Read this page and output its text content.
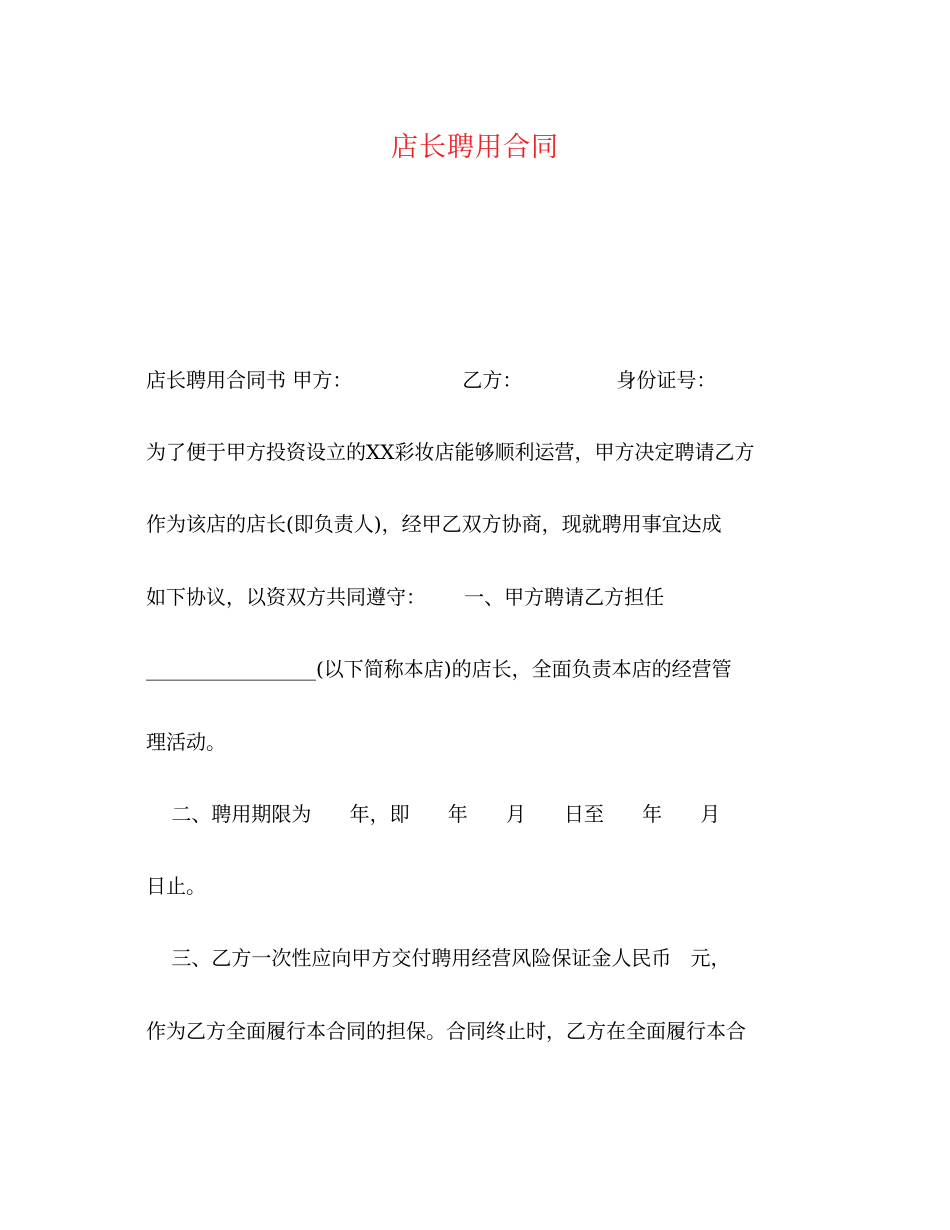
店长聘用合同
店长聘用合同书 甲方：	乙方：	身份证号：
为了便于甲方投资设立的XX彩妆店能够顺利运营，甲方决定聘请乙方
作为该店的店长(即负责人)，经甲乙双方协商，现就聘用事宜达成
如下协议，以资双方共同遵守：      一、甲方聘请乙方担任
_________________(以下简称本店)的店长，全面负责本店的经营管
理活动。
二、聘用期限为      年，即      年      月      日至      年      月
日止。
三、乙方一次性应向甲方交付聘用经营风险保证金人民币   元，
作为乙方全面履行本合同的担保。合同终止时，乙方在全面履行本合
